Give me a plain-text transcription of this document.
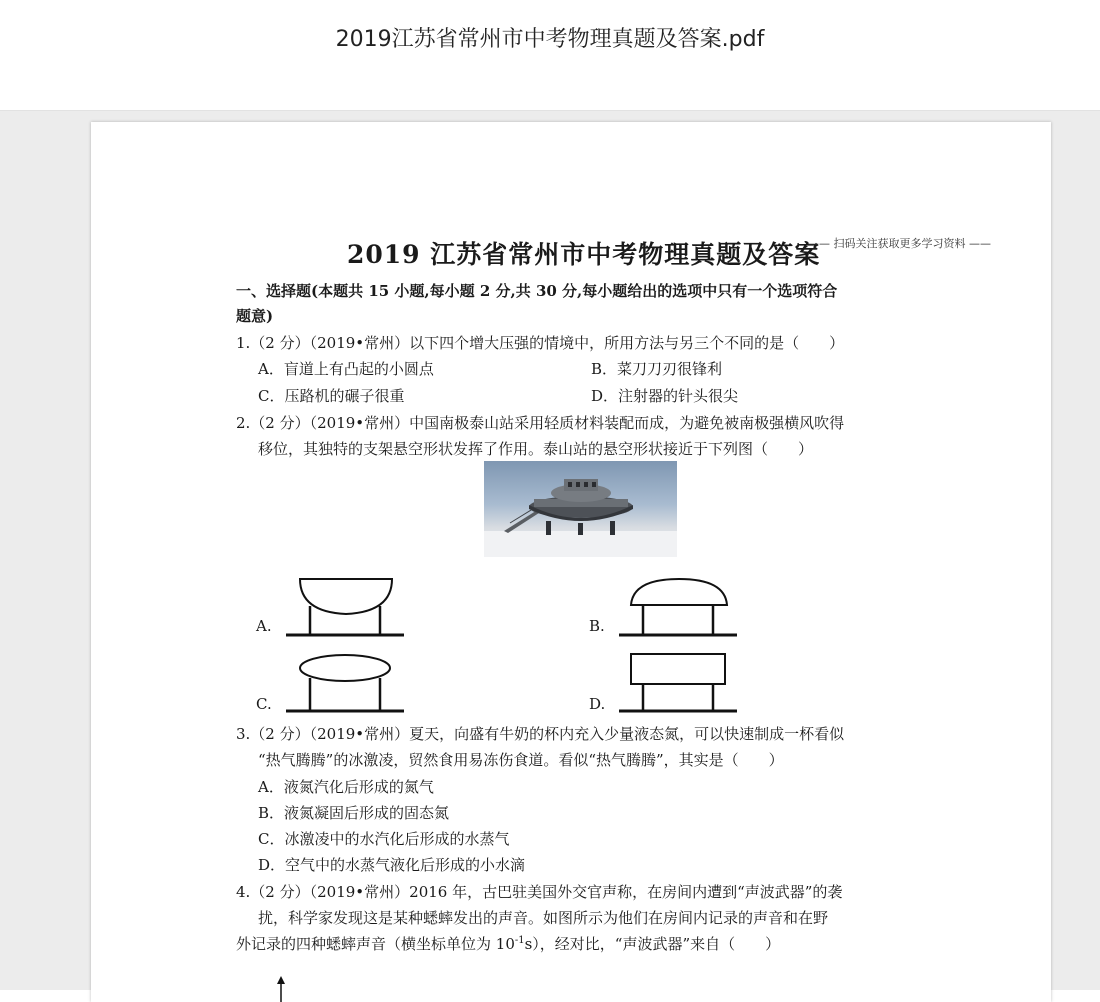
2019江苏省常州市中考物理真题及答案.pdf
2019 江苏省常州市中考物理真题及答案
—— 扫码关注获取更多学习资料 ——
一、选择题(本题共 15 小题,每小题 2 分,共 30 分,每小题给出的选项中只有一个选项符合
题意)
1.（2 分）（2019•常州）以下四个增大压强的情境中，所用方法与另三个不同的是（　　）
A．盲道上有凸起的小圆点	B．菜刀刀刃很锋利
C．压路机的碾子很重	D．注射器的针头很尖
2.（2 分）（2019•常州）中国南极泰山站采用轻质材料装配而成，为避免被南极强横风吹得
移位，其独特的支架悬空形状发挥了作用。泰山站的悬空形状接近于下列图（　　）
A.	B.
C.	D.
3.（2 分）（2019•常州）夏天，向盛有牛奶的杯内充入少量液态氮，可以快速制成一杯看似
“热气腾腾”的冰激凌，贸然食用易冻伤食道。看似“热气腾腾”，其实是（　　）
A．液氮汽化后形成的氮气
B．液氮凝固后形成的固态氮
C．冰激凌中的水汽化后形成的水蒸气
D．空气中的水蒸气液化后形成的小水滴
4.（2 分）（2019•常州）2016 年，古巴驻美国外交官声称，在房间内遭到“声波武器”的袭
扰，科学家发现这是某种蟋蟀发出的声音。如图所示为他们在房间内记录的声音和在野
外记录的四种蟋蟀声音（横坐标单位为 $10^{-1}s$），经对比，“声波武器”来自（　　）
